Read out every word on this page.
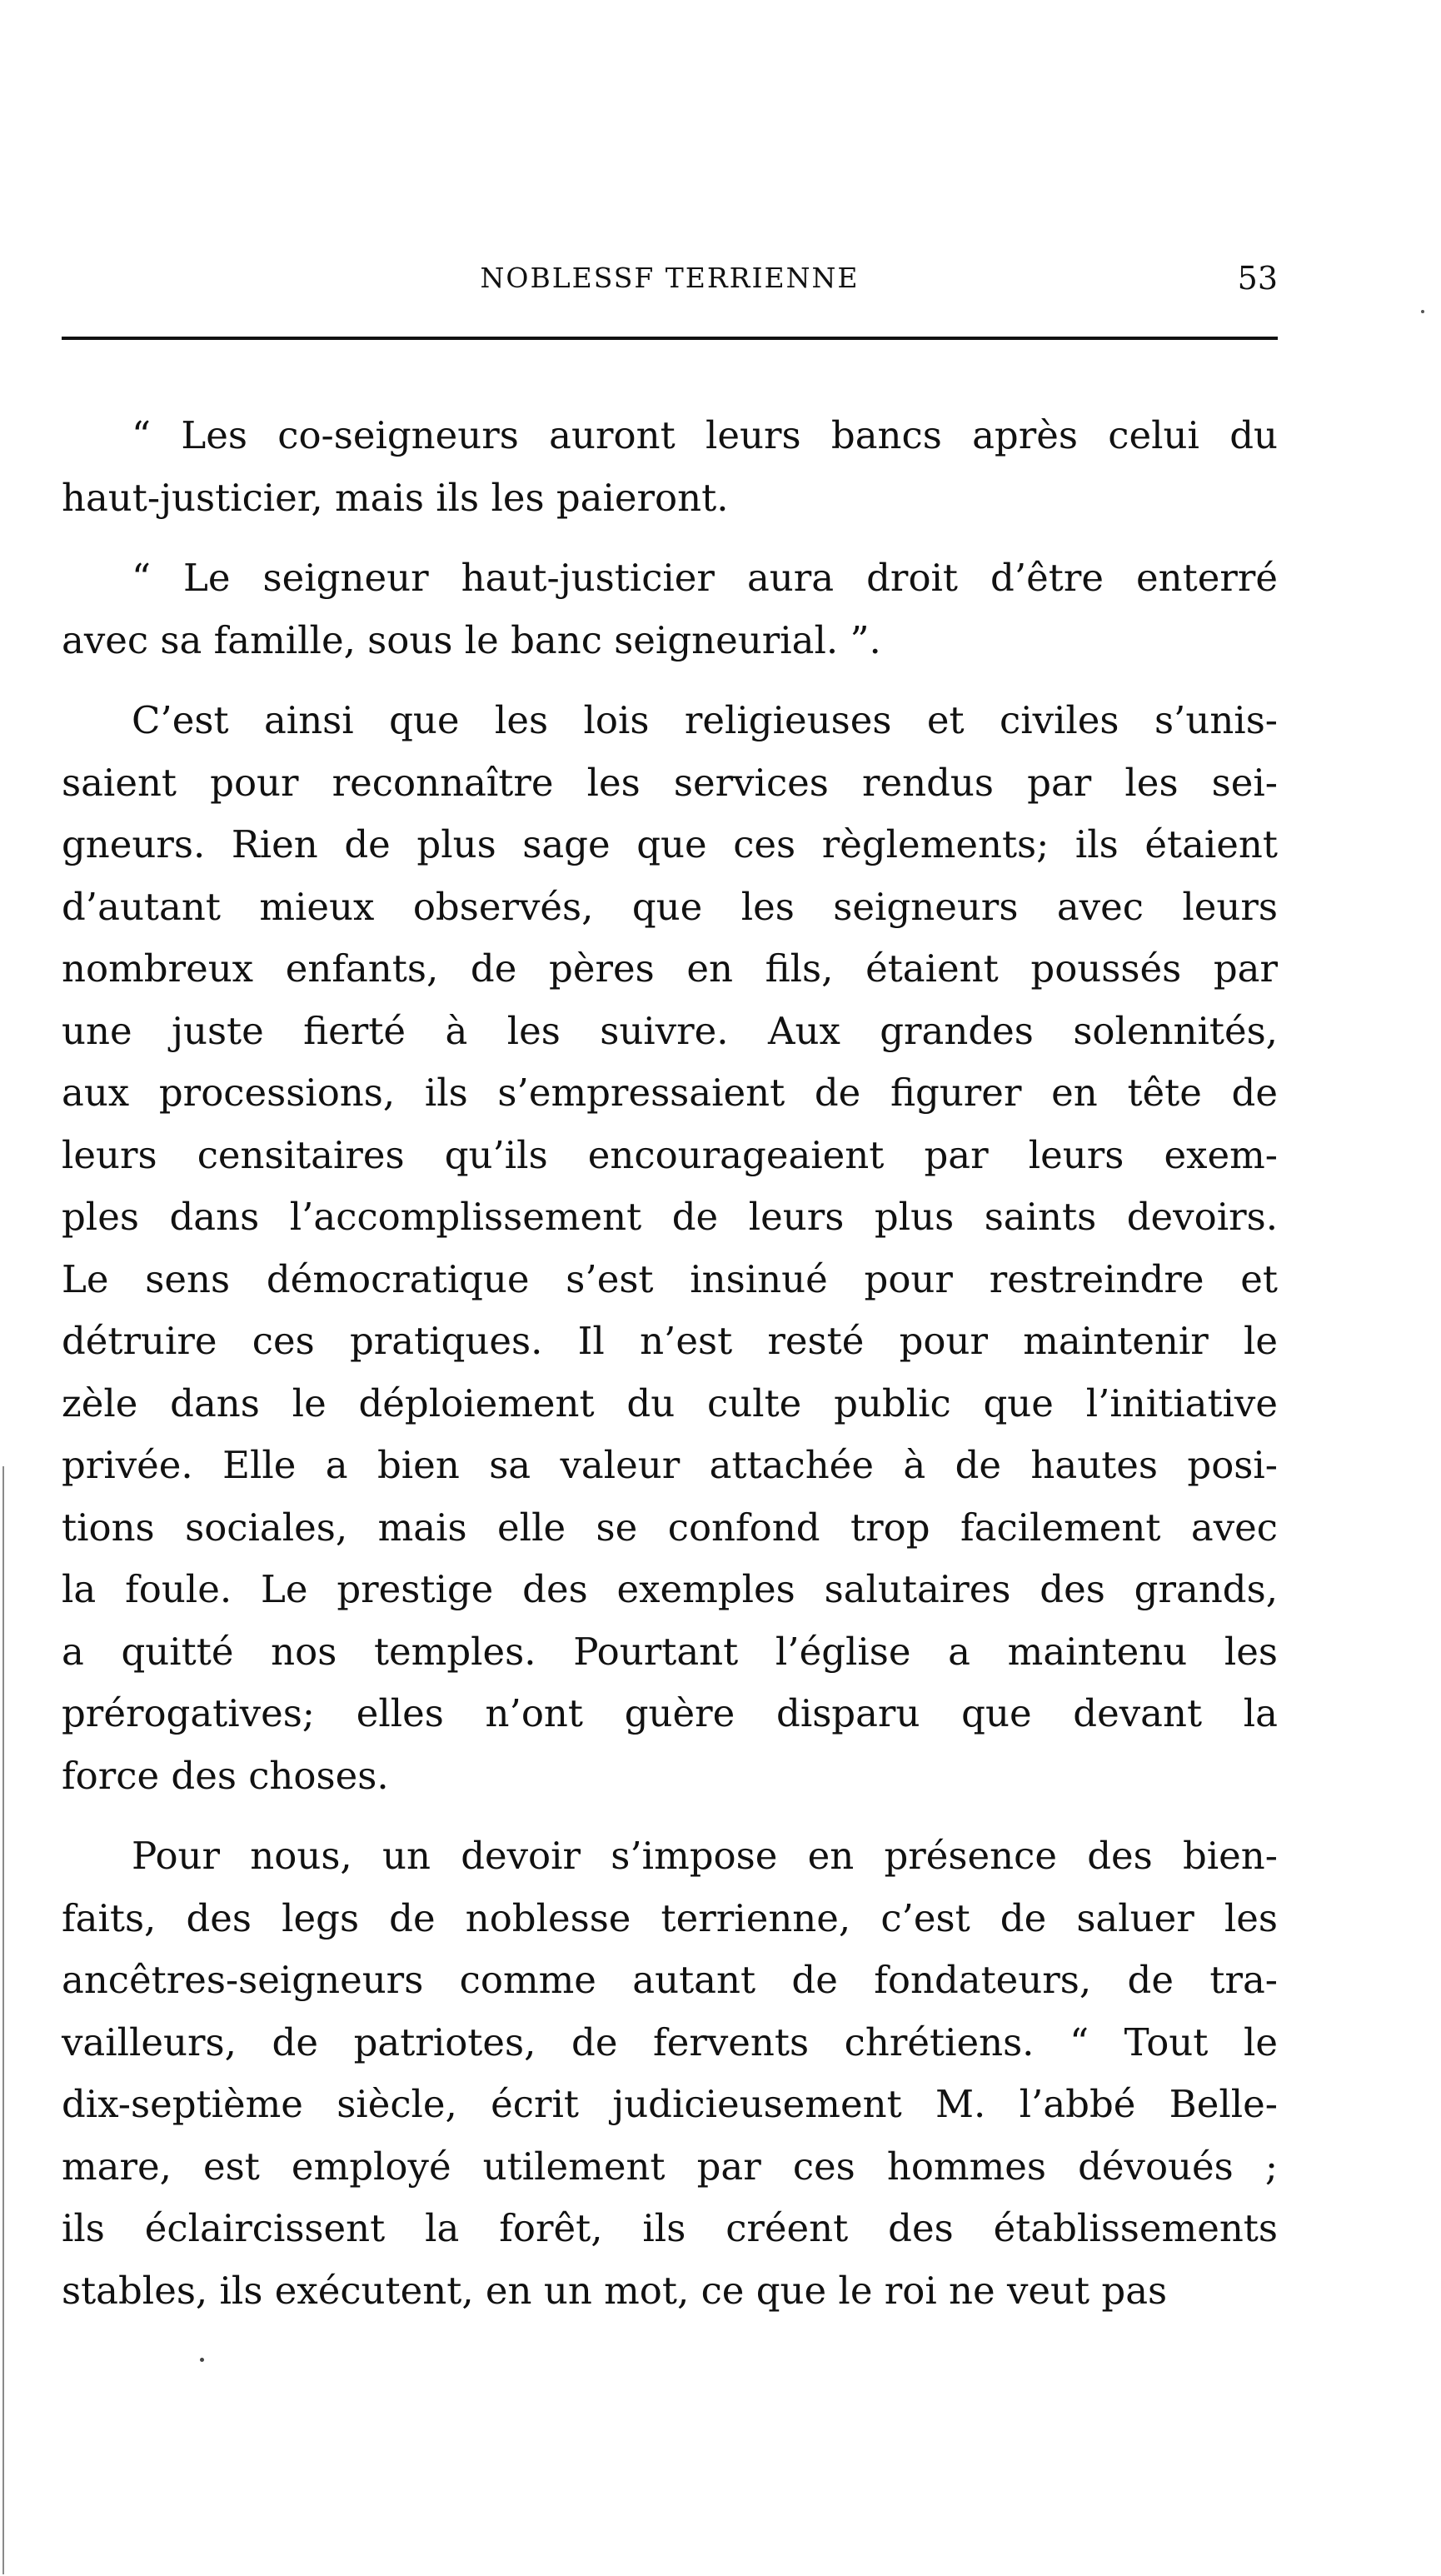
NOBLESSF TERRIENNE	53
“ Les co-seigneurs auront leurs bancs après celui du
haut-justicier, mais ils les paieront.
“ Le seigneur haut-justicier aura droit d’être enterré
avec sa famille, sous le banc seigneurial. ”.
C’est ainsi que les lois religieuses et civiles s’unis-
saient pour reconnaître les services rendus par les sei-
gneurs. Rien de plus sage que ces règlements; ils étaient
d’autant mieux observés, que les seigneurs avec leurs
nombreux enfants, de pères en fils, étaient poussés par
une juste fierté à les suivre. Aux grandes solennités,
aux processions, ils s’empressaient de figurer en tête de
leurs censitaires qu’ils encourageaient par leurs exem-
ples dans l’accomplissement de leurs plus saints devoirs.
Le sens démocratique s’est insinué pour restreindre et
détruire ces pratiques. Il n’est resté pour maintenir le
zèle dans le déploiement du culte public que l’initiative
privée. Elle a bien sa valeur attachée à de hautes posi-
tions sociales, mais elle se confond trop facilement avec
la foule. Le prestige des exemples salutaires des grands,
a quitté nos temples. Pourtant l’église a maintenu les
prérogatives; elles n’ont guère disparu que devant la
force des choses.
Pour nous, un devoir s’impose en présence des bien-
faits, des legs de noblesse terrienne, c’est de saluer les
ancêtres-seigneurs comme autant de fondateurs, de tra-
vailleurs, de patriotes, de fervents chrétiens. “ Tout le
dix-septième siècle, écrit judicieusement M. l’abbé Belle-
mare, est employé utilement par ces hommes dévoués ;
ils éclaircissent la forêt, ils créent des établissements
stables, ils exécutent, en un mot, ce que le roi ne veut pas
